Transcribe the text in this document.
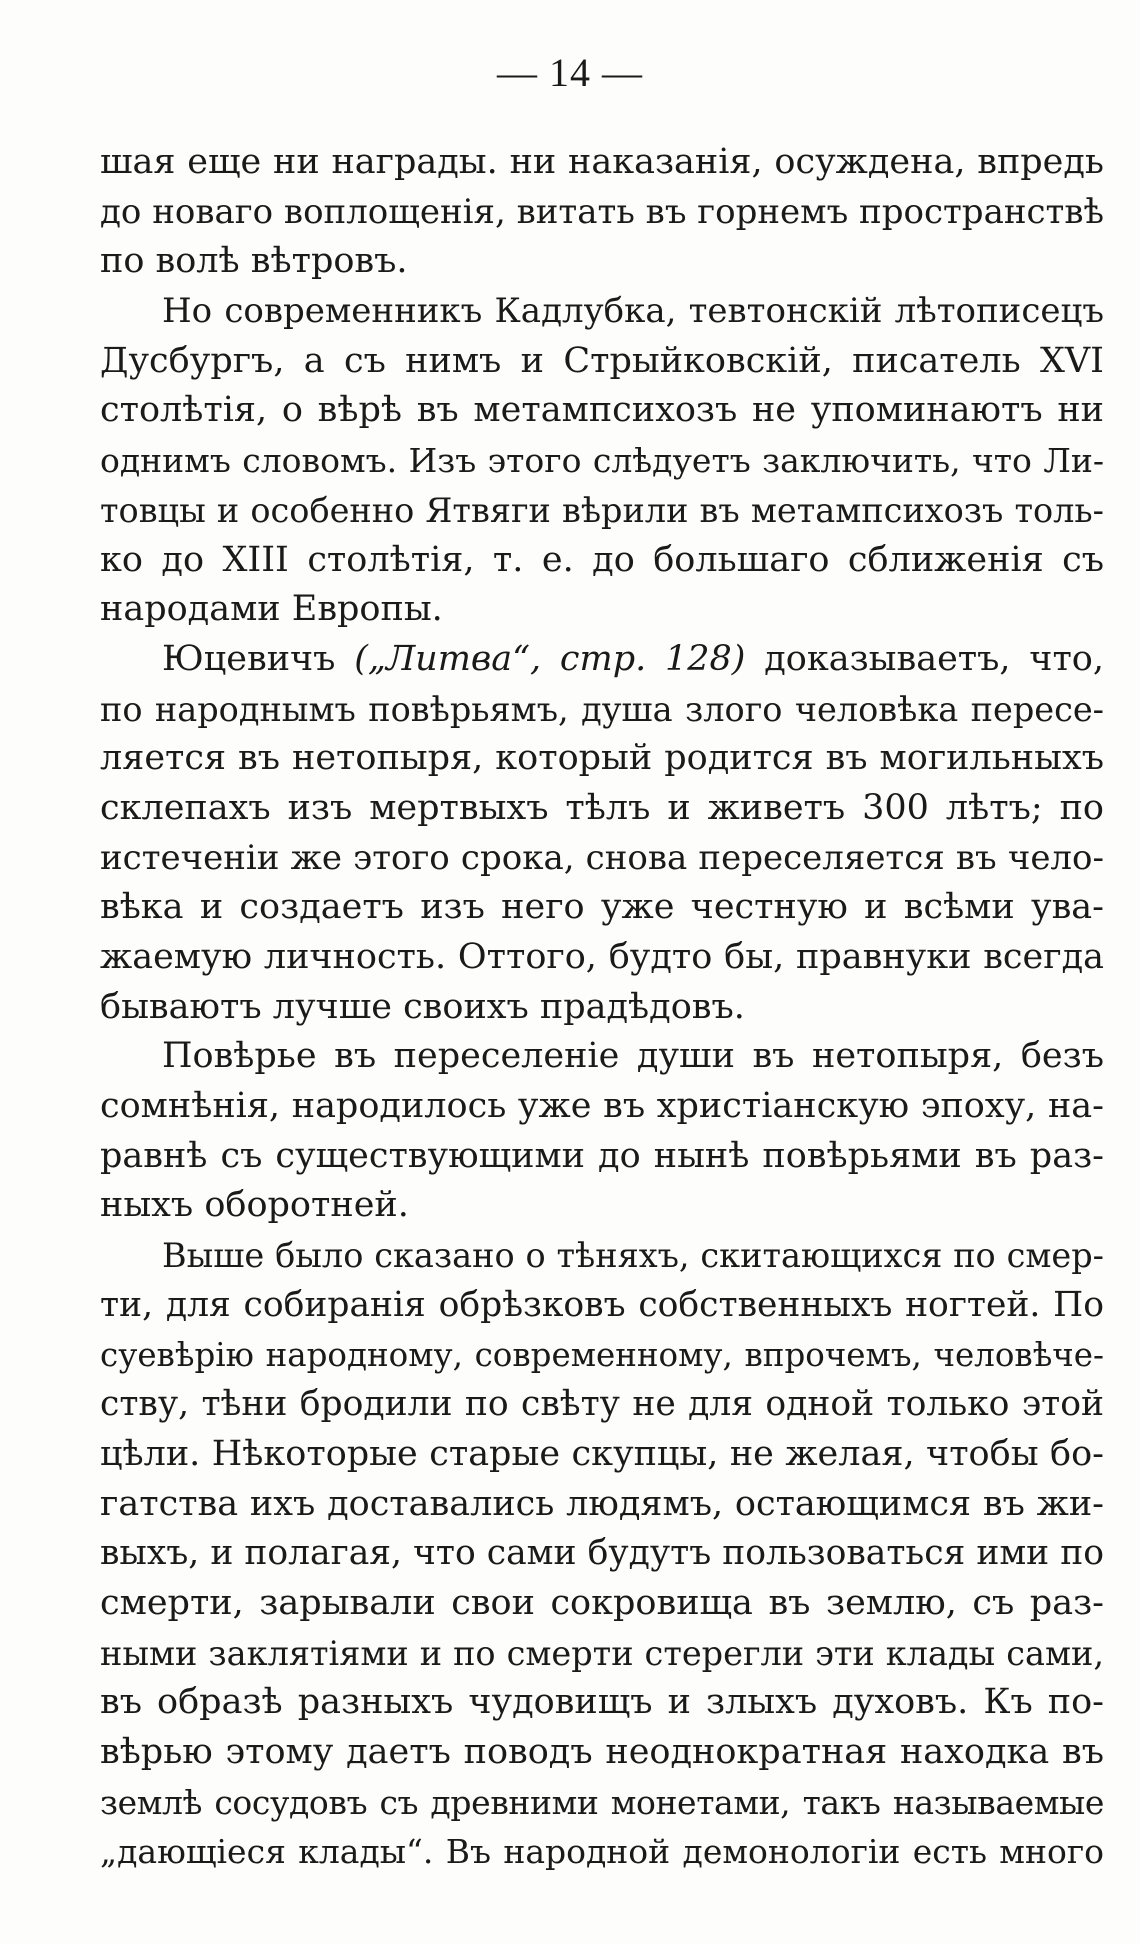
— 14 —
шая еще ни награды. ни наказанія, осуждена, впредь
до новаго воплощенія, витать въ горнемъ пространствѣ
по волѣ вѣтровъ.
Но современникъ Кадлубка, тевтонскій лѣтописецъ
Дусбургъ, а съ нимъ и Стрыйковскій, писатель XVI
столѣтія, о вѣрѣ въ метампсихозъ не упоминаютъ ни
однимъ словомъ. Изъ этого слѣдуетъ заключить, что Ли-
товцы и особенно Ятвяги вѣрили въ метампсихозъ толь-
ко до XIII столѣтія, т. е. до большаго сближенія съ
народами Европы.
Юцевичъ („Литва“, стр. 128) доказываетъ, что,
по народнымъ повѣрьямъ, душа злого человѣка пересе-
ляется въ нетопыря, который родится въ могильныхъ
склепахъ изъ мертвыхъ тѣлъ и живетъ 300 лѣтъ; по
истеченіи же этого срока, снова переселяется въ чело-
вѣка и создаетъ изъ него уже честную и всѣми ува-
жаемую личность. Оттого, будто бы, правнуки всегда
бываютъ лучше своихъ прадѣдовъ.
Повѣрье въ переселеніе души въ нетопыря, безъ
сомнѣнія, народилось уже въ христіанскую эпоху, на-
равнѣ съ существующими до нынѣ повѣрьями въ раз-
ныхъ оборотней.
Выше было сказано о тѣняхъ, скитающихся по смер-
ти, для собиранія обрѣзковъ собственныхъ ногтей. По
суевѣрію народному, современному, впрочемъ, человѣче-
ству, тѣни бродили по свѣту не для одной только этой
цѣли. Нѣкоторые старые скупцы, не желая, чтобы бо-
гатства ихъ доставались людямъ, остающимся въ жи-
выхъ, и полагая, что сами будутъ пользоваться ими по
смерти, зарывали свои сокровища въ землю, съ раз-
ными заклятіями и по смерти стерегли эти клады сами,
въ образѣ разныхъ чудовищъ и злыхъ духовъ. Къ по-
вѣрью этому даетъ поводъ неоднократная находка въ
землѣ сосудовъ съ древними монетами, такъ называемые
„дающіеся клады“. Въ народной демонологіи есть много
